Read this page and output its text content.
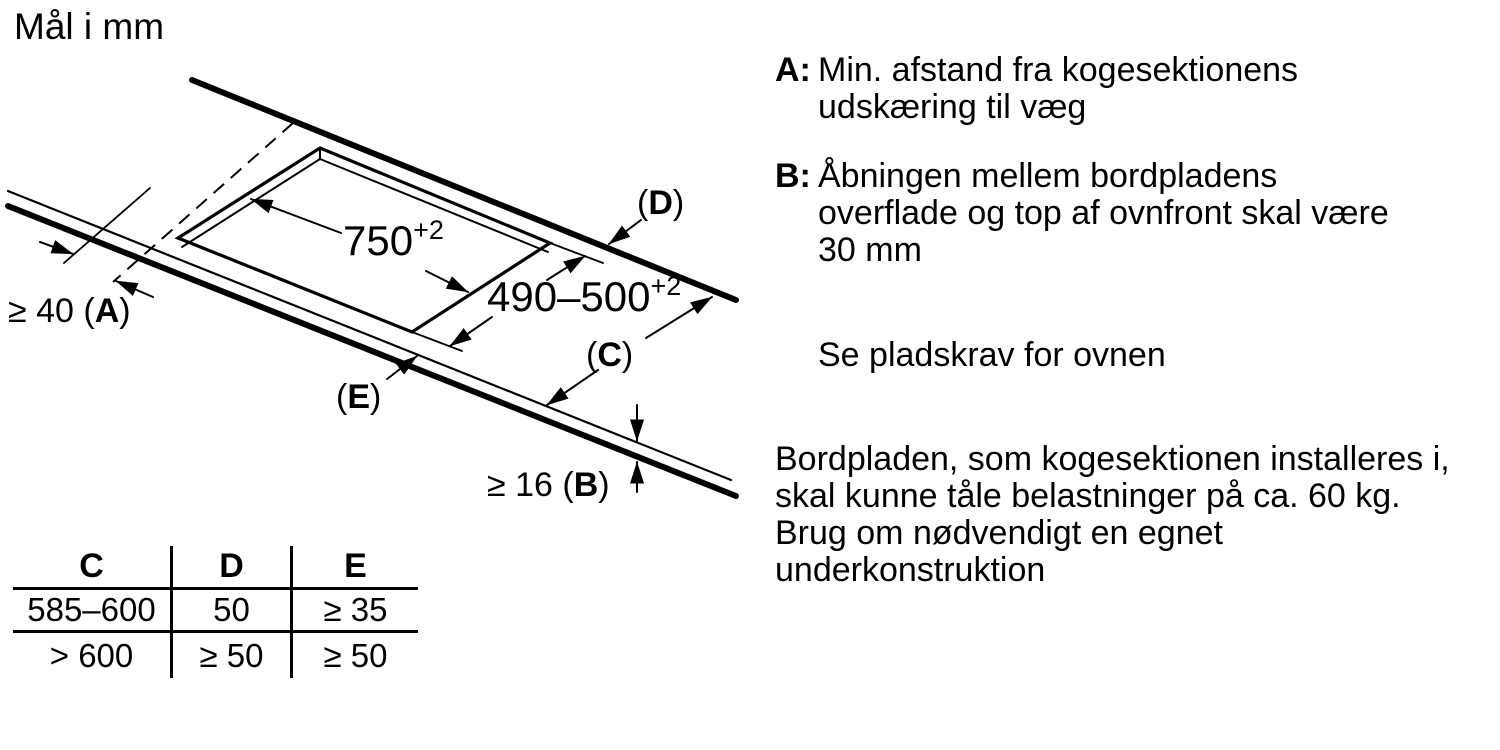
Mål i mm
$750^{+2}$
$490-500^{+2}$
≥ 40 (A)
≥ 16 (B)
(C)
(D)
(E)
C	D	E
585–600	50	≥ 35
> 600	≥ 50	≥ 50
A: Min. afstand fra kogesektionens
udskæring til væg
B: Åbningen mellem bordpladens
overflade og top af ovnfront skal være
30 mm
Se pladskrav for ovnen
Bordpladen, som kogesektionen installeres i,
skal kunne tåle belastninger på ca. 60 kg.
Brug om nødvendigt en egnet
underkonstruktion
